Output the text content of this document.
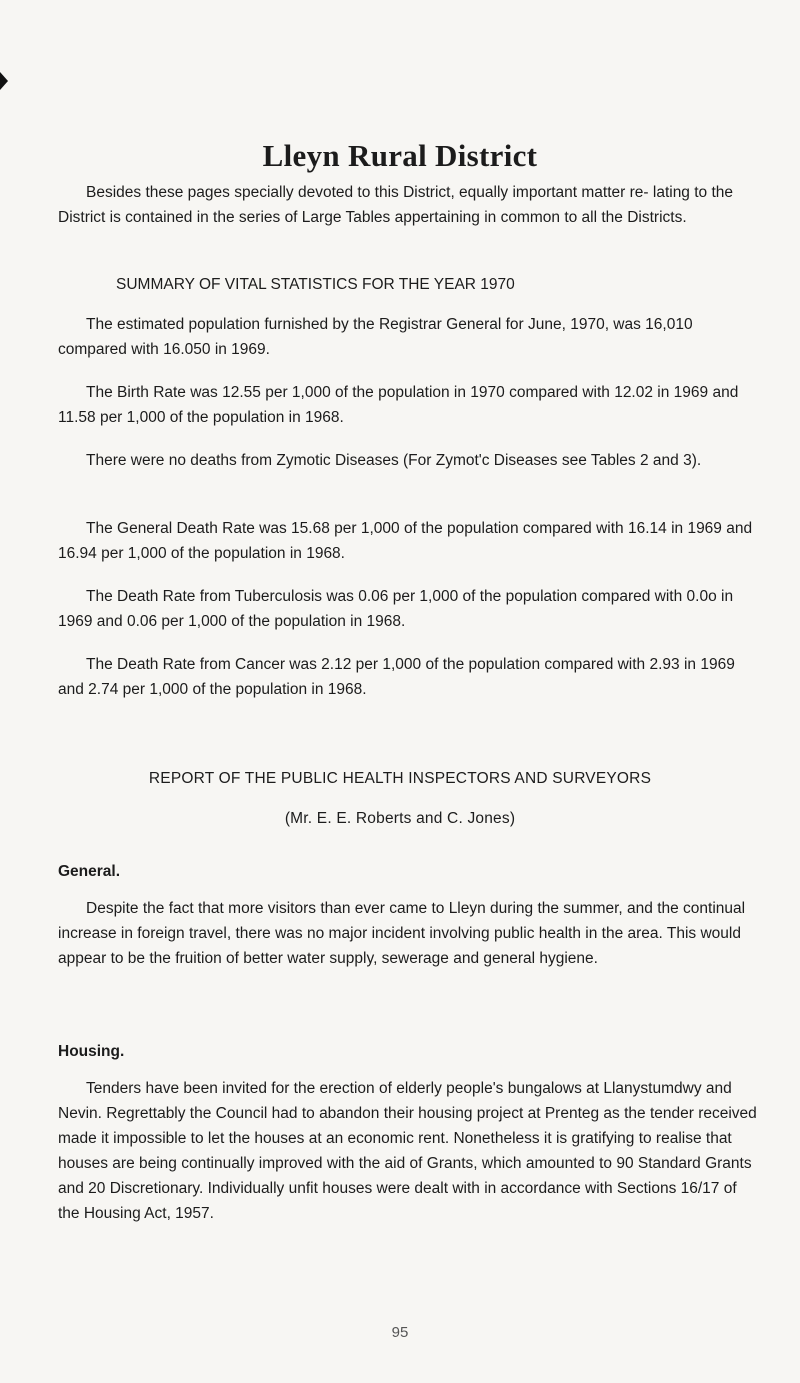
Lleyn Rural District

Besides these pages specially devoted to this District, equally important matter re- lating to the District is contained in the series of Large Tables appertaining in common to all the Districts.

SUMMARY OF VITAL STATISTICS FOR THE YEAR 1970

The estimated population furnished by the Registrar General for June, 1970, was 16,010 compared with 16.050 in 1969.

The Birth Rate was 12.55 per 1,000 of the population in 1970 compared with 12.02 in 1969 and 11.58 per 1,000 of the population in 1968.

There were no deaths from Zymotic Diseases (For Zymot'c Diseases see Tables 2 and 3).

The General Death Rate was 15.68 per 1,000 of the population compared with 16.14 in 1969 and 16.94 per 1,000 of the population in 1968.

The Death Rate from Tuberculosis was 0.06 per 1,000 of the population compared with 0.0o in 1969 and 0.06 per 1,000 of the population in 1968.

The Death Rate from Cancer was 2.12 per 1,000 of the population compared with 2.93 in 1969 and 2.74 per 1,000 of the population in 1968.

REPORT OF THE PUBLIC HEALTH INSPECTORS AND SURVEYORS

(Mr. E. E. Roberts and C. Jones)

General.

Despite the fact that more visitors than ever came to Lleyn during the summer, and the continual increase in foreign travel, there was no major incident involving public health in the area. This would appear to be the fruition of better water supply, sewerage and general hygiene.

Housing.

Tenders have been invited for the erection of elderly people's bungalows at Llanystumdwy and Nevin. Regrettably the Council had to abandon their housing project at Prenteg as the tender received made it impossible to let the houses at an economic rent. Nonetheless it is gratifying to realise that houses are being continually improved with the aid of Grants, which amounted to 90 Standard Grants and 20 Discretionary. Individually unfit houses were dealt with in accordance with Sections 16/17 of the Housing Act, 1957.

95
